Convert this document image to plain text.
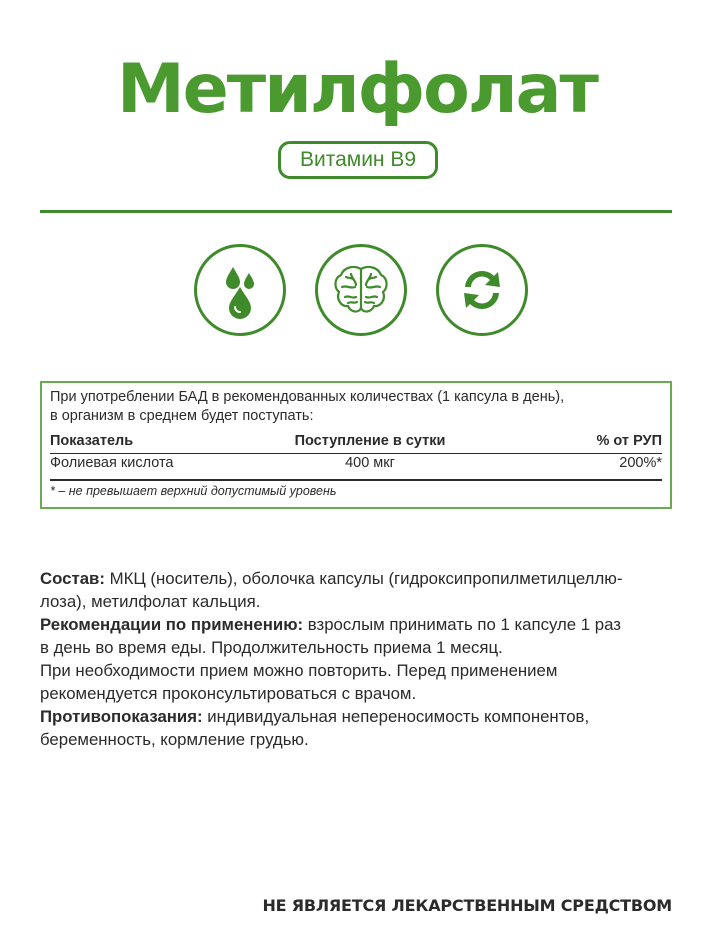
Метилфолат
Витамин B9
При употреблении БАД в рекомендованных количествах (1 капсула в день),
в организм в среднем будет поступать:
Показатель	Поступление в сутки	% от РУП
Фолиевая кислота	400 мкг	200%*
* – не превышает верхний допустимый уровень

Состав: МКЦ (носитель), оболочка капсулы (гидроксипропилметилцеллю-

лоза), метилфолат кальция.

Рекомендации по применению: взрослым принимать по 1 капсуле 1 раз

в день во время еды. Продолжительность приема 1 месяц.

При необходимости прием можно повторить. Перед применением

рекомендуется проконсультироваться с врачом.

Противопоказания: индивидуальная непереносимость компонентов,

беременность, кормление грудью.

НЕ ЯВЛЯЕТСЯ ЛЕКАРСТВЕННЫМ СРЕДСТВОМ
